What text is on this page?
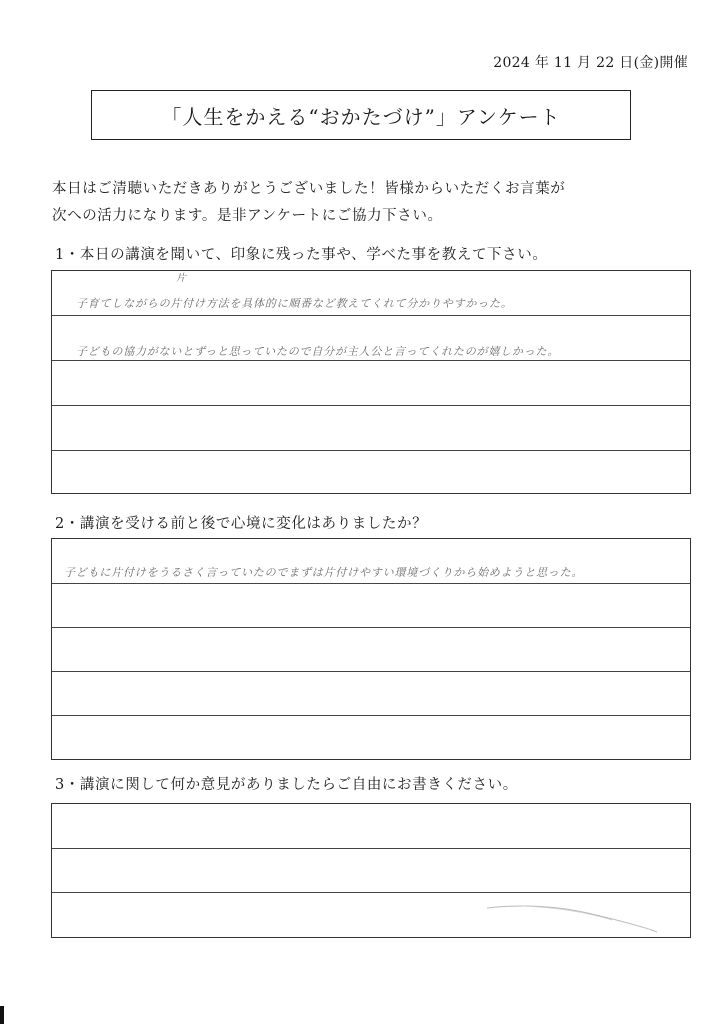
2024 年 11 月 22 日(金)開催
「人生をかえる“おかたづけ”」アンケート
本日はご清聴いただきありがとうございました！皆様からいただくお言葉が
次への活力になります。是非アンケートにご協力下さい。
1・本日の講演を聞いて、印象に残った事や、学べた事を教えて下さい。
片
子育てしながらの片付け方法を具体的に順番など教えてくれて分かりやすかった。
子どもの協力がないとずっと思っていたので自分が主人公と言ってくれたのが嬉しかった。
2・講演を受ける前と後で心境に変化はありましたか？
子どもに片付けをうるさく言っていたのでまずは片付けやすい環境づくりから始めようと思った。
3・講演に関して何か意見がありましたらご自由にお書きください。
